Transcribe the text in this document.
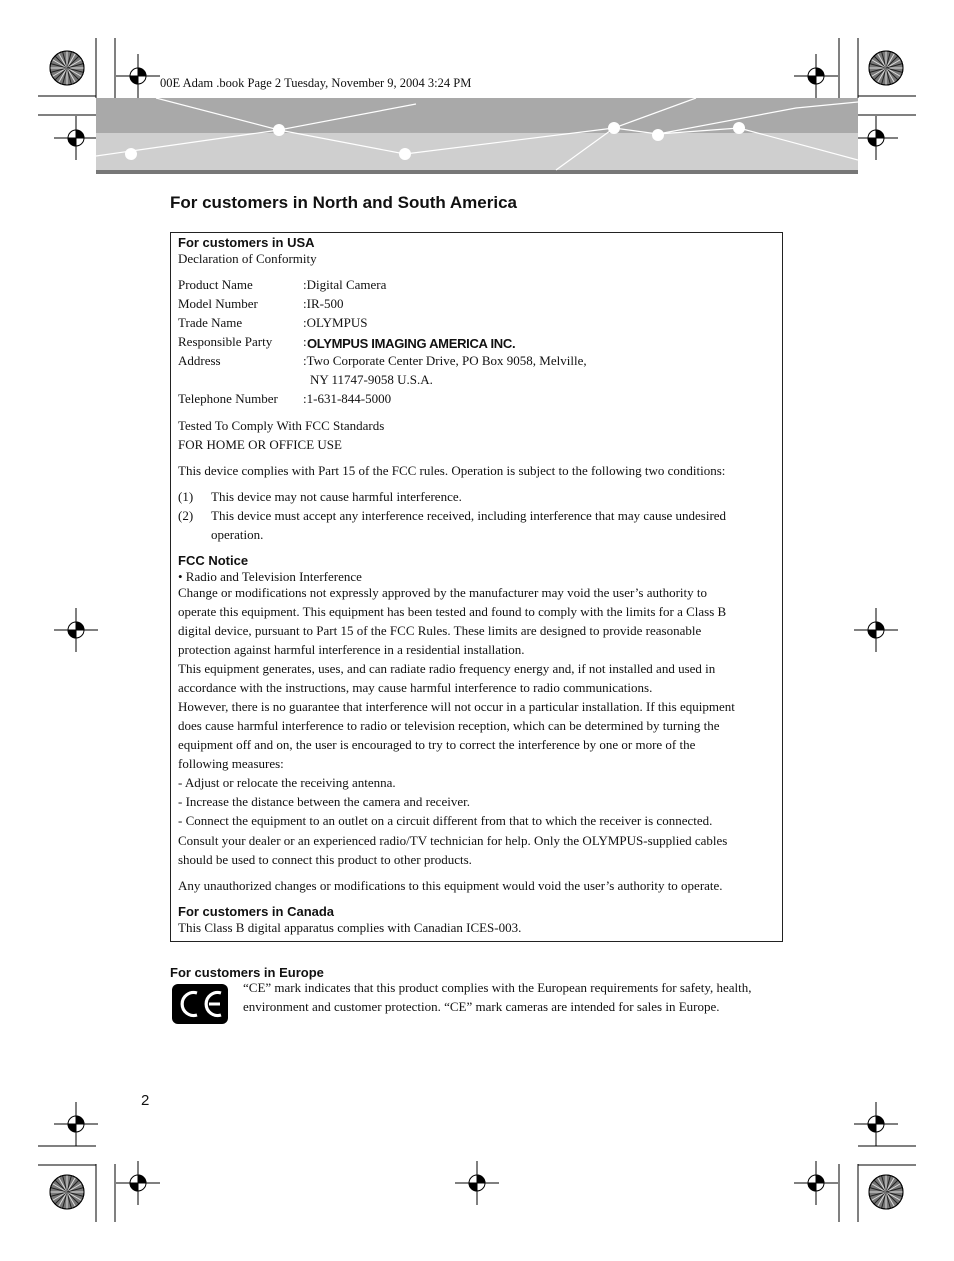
00E Adam .book Page 2 Tuesday, November 9, 2004 3:24 PM
For customers in North and South America
For customers in USA
Declaration of Conformity
Product Name	:Digital Camera
Model Number	:IR-500
Trade Name	:OLYMPUS
Responsible Party : OLYMPUS IMAGING AMERICA INC.
Address	:Two Corporate Center Drive, PO Box 9058, Melville,
NY 11747-9058 U.S.A.
Telephone Number :1-631-844-5000
Tested To Comply With FCC Standards
FOR HOME OR OFFICE USE
This device complies with Part 15 of the FCC rules. Operation is subject to the following two conditions:
(1) This device may not cause harmful interference.
(2) This device must accept any interference received, including interference that may cause undesired
operation.
FCC Notice
• Radio and Television Interference
Change or modifications not expressly approved by the manufacturer may void the user’s authority to
operate this equipment. This equipment has been tested and found to comply with the limits for a Class B
digital device, pursuant to Part 15 of the FCC Rules. These limits are designed to provide reasonable
protection against harmful interference in a residential installation.
This equipment generates, uses, and can radiate radio frequency energy and, if not installed and used in
accordance with the instructions, may cause harmful interference to radio communications.
However, there is no guarantee that interference will not occur in a particular installation. If this equipment
does cause harmful interference to radio or television reception, which can be determined by turning the
equipment off and on, the user is encouraged to try to correct the interference by one or more of the
following measures:
- Adjust or relocate the receiving antenna.
- Increase the distance between the camera and receiver.
- Connect the equipment to an outlet on a circuit different from that to which the receiver is connected.
Consult your dealer or an experienced radio/TV technician for help. Only the OLYMPUS-supplied cables
should be used to connect this product to other products.
Any unauthorized changes or modifications to this equipment would void the user’s authority to operate.
For customers in Canada
This Class B digital apparatus complies with Canadian ICES-003.
For customers in Europe
“CE” mark indicates that this product complies with the European requirements for safety, health,
environment and customer protection. “CE” mark cameras are intended for sales in Europe.
2
